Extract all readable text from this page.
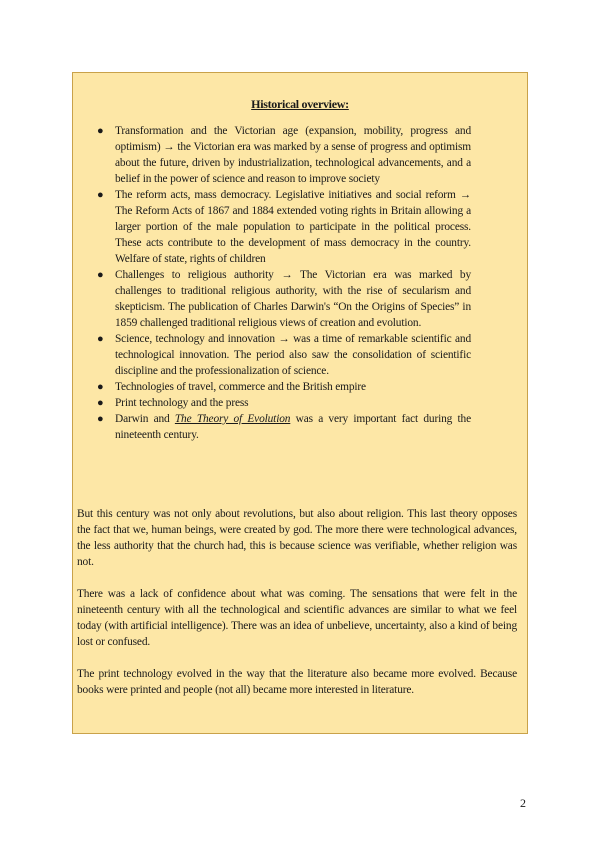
Historical overview:
● Transformation and the Victorian age (expansion, mobility, progress and optimism) → the Victorian era was marked by a sense of progress and optimism about the future, driven by industrialization, technological advancements, and a belief in the power of science and reason to improve society
● The reform acts, mass democracy. Legislative initiatives and social reform → The Reform Acts of 1867 and 1884 extended voting rights in Britain allowing a larger portion of the male population to participate in the political process. These acts contribute to the development of mass democracy in the country. Welfare of state, rights of children
● Challenges to religious authority → The Victorian era was marked by challenges to traditional religious authority, with the rise of secularism and skepticism. The publication of Charles Darwin's “On the Origins of Species” in 1859 challenged traditional religious views of creation and evolution.
● Science, technology and innovation → was a time of remarkable scientific and technological innovation. The period also saw the consolidation of scientific discipline and the professionalization of science.
● Technologies of travel, commerce and the British empire
● Print technology and the press
● Darwin and The Theory of Evolution was a very important fact during the nineteenth century.

But this century was not only about revolutions, but also about religion. This last theory opposes the fact that we, human beings, were created by god. The more there were technological advances, the less authority that the church had, this is because science was verifiable, whether religion was not.

There was a lack of confidence about what was coming. The sensations that were felt in the nineteenth century with all the technological and scientific advances are similar to what we feel today (with artificial intelligence). There was an idea of unbelieve, uncertainty, also a kind of being lost or confused.

The print technology evolved in the way that the literature also became more evolved. Because books were printed and people (not all) became more interested in literature.

2
